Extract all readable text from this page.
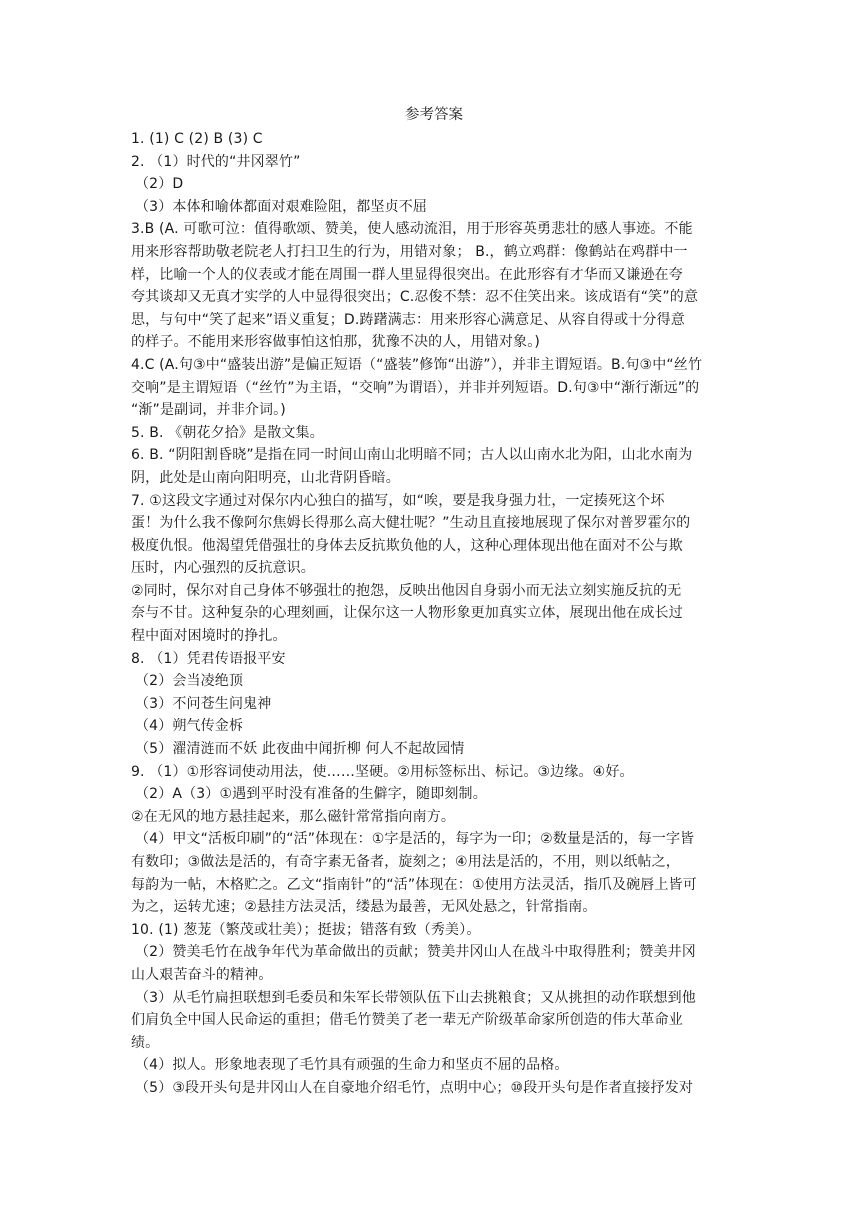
参考答案
1. (1) C (2) B (3) C
2. （1）时代的“井冈翠竹”
（2）D
（3）本体和喻体都面对艰难险阻，都坚贞不屈
3.B (A. 可歌可泣：值得歌颂、赞美，使人感动流泪，用于形容英勇悲壮的感人事迹。不能
用来形容帮助敬老院老人打扫卫生的行为，用错对象； B.，鹤立鸡群：像鹤站在鸡群中一
样，比喻一个人的仪表或才能在周围一群人里显得很突出。在此形容有才华而又谦逊在夸
夸其谈却又无真才实学的人中显得很突出；C.忍俊不禁：忍不住笑出来。该成语有“笑”的意
思，与句中“笑了起来”语义重复；D.踌躇满志：用来形容心满意足、从容自得或十分得意
的样子。不能用来形容做事怕这怕那，犹豫不决的人，用错对象。)
4.C (A.句③中“盛装出游”是偏正短语（“盛装”修饰“出游”），并非主谓短语。B.句③中“丝竹
交响”是主谓短语（“丝竹”为主语，“交响”为谓语），并非并列短语。D.句③中“渐行渐远”的
“渐”是副词，并非介词。)
5. B. 《朝花夕拾》是散文集。
6. B. “阴阳割昏晓”是指在同一时间山南山北明暗不同；古人以山南水北为阳，山北水南为
阴，此处是山南向阳明亮，山北背阴昏暗。
7. ①这段文字通过对保尔内心独白的描写，如“唉，要是我身强力壮，一定揍死这个坏
蛋！为什么我不像阿尔焦姆长得那么高大健壮呢？”生动且直接地展现了保尔对普罗霍尔的
极度仇恨。他渴望凭借强壮的身体去反抗欺负他的人，这种心理体现出他在面对不公与欺
压时，内心强烈的反抗意识。
②同时，保尔对自己身体不够强壮的抱怨，反映出他因自身弱小而无法立刻实施反抗的无
奈与不甘。这种复杂的心理刻画，让保尔这一人物形象更加真实立体，展现出他在成长过
程中面对困境时的挣扎。
8. （1）凭君传语报平安
（2）会当凌绝顶
（3）不问苍生问鬼神
（4）朔气传金柝
（5）濯清涟而不妖 此夜曲中闻折柳 何人不起故园情
9. （1）①形容词使动用法，使……坚硬。②用标签标出、标记。③边缘。④好。
（2）A（3）①遇到平时没有准备的生僻字，随即刻制。
②在无风的地方悬挂起来，那么磁针常常指向南方。
（4）甲文“活板印刷”的“活”体现在：①字是活的，每字为一印；②数量是活的，每一字皆
有数印；③做法是活的，有奇字素无备者，旋刻之；④用法是活的，不用，则以纸帖之，
每韵为一帖，木格贮之。乙文“指南针”的“活”体现在：①使用方法灵活，指爪及碗唇上皆可
为之，运转尤速；②悬挂方法灵活，缕悬为最善，无风处悬之，针常指南。
10. (1) 葱茏（繁茂或壮美）；挺拔；错落有致（秀美）。
（2）赞美毛竹在战争年代为革命做出的贡献；赞美井冈山人在战斗中取得胜利；赞美井冈
山人艰苦奋斗的精神。
（3）从毛竹扁担联想到毛委员和朱军长带领队伍下山去挑粮食；又从挑担的动作联想到他
们肩负全中国人民命运的重担；借毛竹赞美了老一辈无产阶级革命家所创造的伟大革命业
绩。
（4）拟人。形象地表现了毛竹具有顽强的生命力和坚贞不屈的品格。
（5）③段开头句是井冈山人在自豪地介绍毛竹，点明中心；⑩段开头句是作者直接抒发对
